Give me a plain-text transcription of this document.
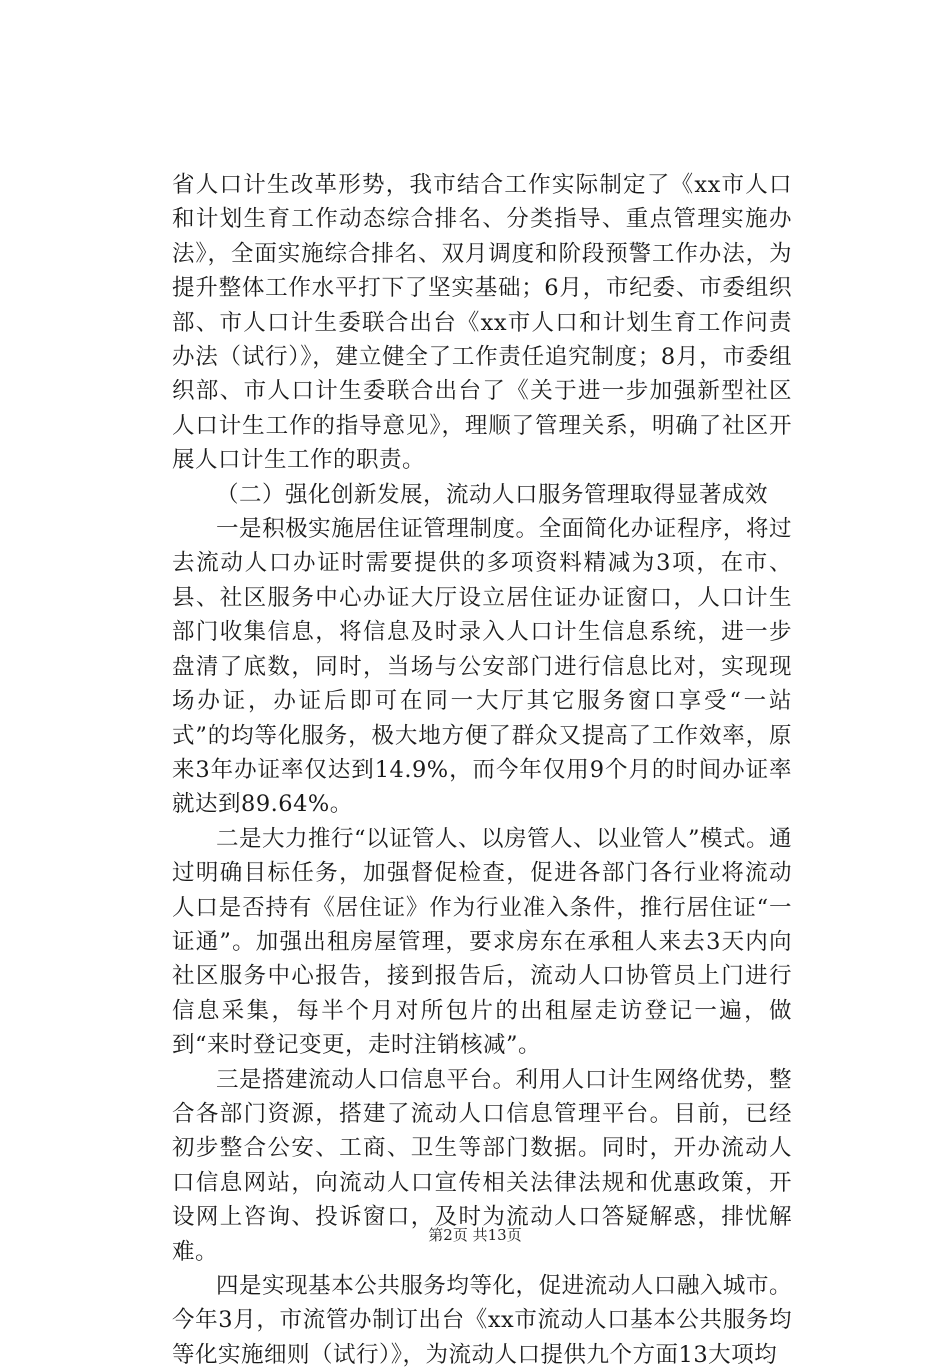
省人口计生改革形势，我市结合工作实际制定了《xx市人口和计划生育工作动态综合排名、分类指导、重点管理实施办法》，全面实施综合排名、双月调度和阶段预警工作办法，为提升整体工作水平打下了坚实基础；6月，市纪委、市委组织部、市人口计生委联合出台《xx市人口和计划生育工作问责办法（试行）》，建立健全了工作责任追究制度；8月，市委组织部、市人口计生委联合出台了《关于进一步加强新型社区人口计生工作的指导意见》，理顺了管理关系，明确了社区开展人口计生工作的职责。

（二）强化创新发展，流动人口服务管理取得显著成效

一是积极实施居住证管理制度。全面简化办证程序，将过去流动人口办证时需要提供的多项资料精减为3项，在市、县、社区服务中心办证大厅设立居住证办证窗口，人口计生部门收集信息，将信息及时录入人口计生信息系统，进一步盘清了底数，同时，当场与公安部门进行信息比对，实现现场办证，办证后即可在同一大厅其它服务窗口享受“一站式”的均等化服务，极大地方便了群众又提高了工作效率，原来3年办证率仅达到14.9%，而今年仅用9个月的时间办证率就达到89.64%。

二是大力推行“以证管人、以房管人、以业管人”模式。通过明确目标任务，加强督促检查，促进各部门各行业将流动人口是否持有《居住证》作为行业准入条件，推行居住证“一证通”。加强出租房屋管理，要求房东在承租人来去3天内向社区服务中心报告，接到报告后，流动人口协管员上门进行信息采集，每半个月对所包片的出租屋走访登记一遍，做到“来时登记变更，走时注销核减”。

三是搭建流动人口信息平台。利用人口计生网络优势，整合各部门资源，搭建了流动人口信息管理平台。目前，已经初步整合公安、工商、卫生等部门数据。同时，开办流动人口信息网站，向流动人口宣传相关法律法规和优惠政策，开设网上咨询、投诉窗口，及时为流动人口答疑解惑，排忧解难。

四是实现基本公共服务均等化，促进流动人口融入城市。今年3月，市流管办制订出台《xx市流动人口基本公共服务均等化实施细则（试行）》，为流动人口提供九个方面13大项均

第2页 共13页
